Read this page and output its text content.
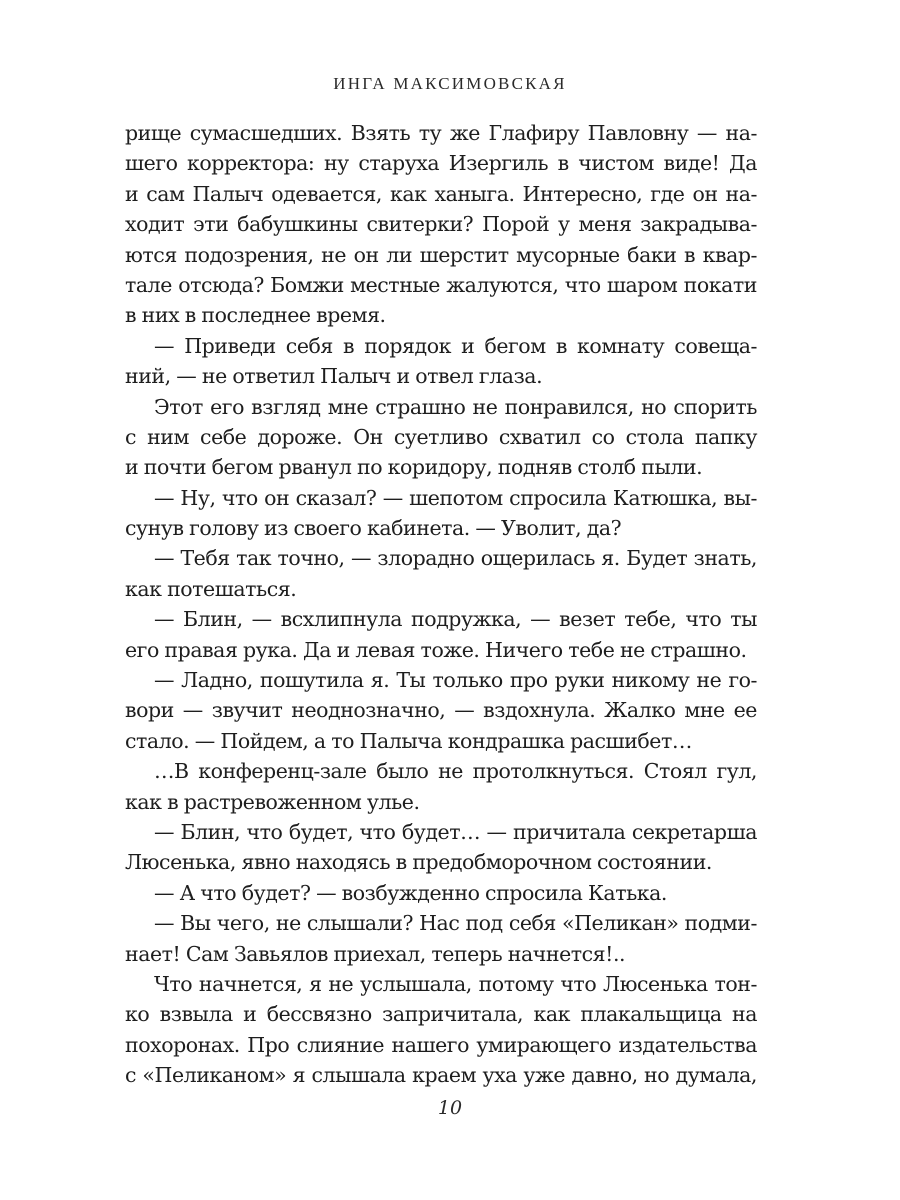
ИНГА МАКСИМОВСКАЯ
рище сумасшедших. Взять ту же Глафиру Павловну — на-
шего корректора: ну старуха Изергиль в чистом виде! Да
и сам Палыч одевается, как ханыга. Интересно, где он на-
ходит эти бабушкины свитерки? Порой у меня закрадыва-
ются подозрения, не он ли шерстит мусорные баки в квар-
тале отсюда? Бомжи местные жалуются, что шаром покати
в них в последнее время.
— Приведи себя в порядок и бегом в комнату совеща-
ний, — не ответил Палыч и отвел глаза.
Этот его взгляд мне страшно не понравился, но спорить
с ним себе дороже. Он суетливо схватил со стола папку
и почти бегом рванул по коридору, подняв столб пыли.
— Ну, что он сказал? — шепотом спросила Катюшка, вы-
сунув голову из своего кабинета. — Уволит, да?
— Тебя так точно, — злорадно ощерилась я. Будет знать,
как потешаться.
— Блин, — всхлипнула подружка, — везет тебе, что ты
его правая рука. Да и левая тоже. Ничего тебе не страшно.
— Ладно, пошутила я. Ты только про руки никому не го-
вори — звучит неоднозначно, — вздохнула. Жалко мне ее
стало. — Пойдем, а то Палыча кондрашка расшибет…
…В конференц-зале было не протолкнуться. Стоял гул,
как в растревоженном улье.
— Блин, что будет, что будет… — причитала секретарша
Люсенька, явно находясь в предобморочном состоянии.
— А что будет? — возбужденно спросила Катька.
— Вы чего, не слышали? Нас под себя «Пеликан» подми-
нает! Сам Завьялов приехал, теперь начнется!..
Что начнется, я не услышала, потому что Люсенька тон-
ко взвыла и бессвязно запричитала, как плакальщица на
похоронах. Про слияние нашего умирающего издательства
с «Пеликаном» я слышала краем уха уже давно, но думала,
10
